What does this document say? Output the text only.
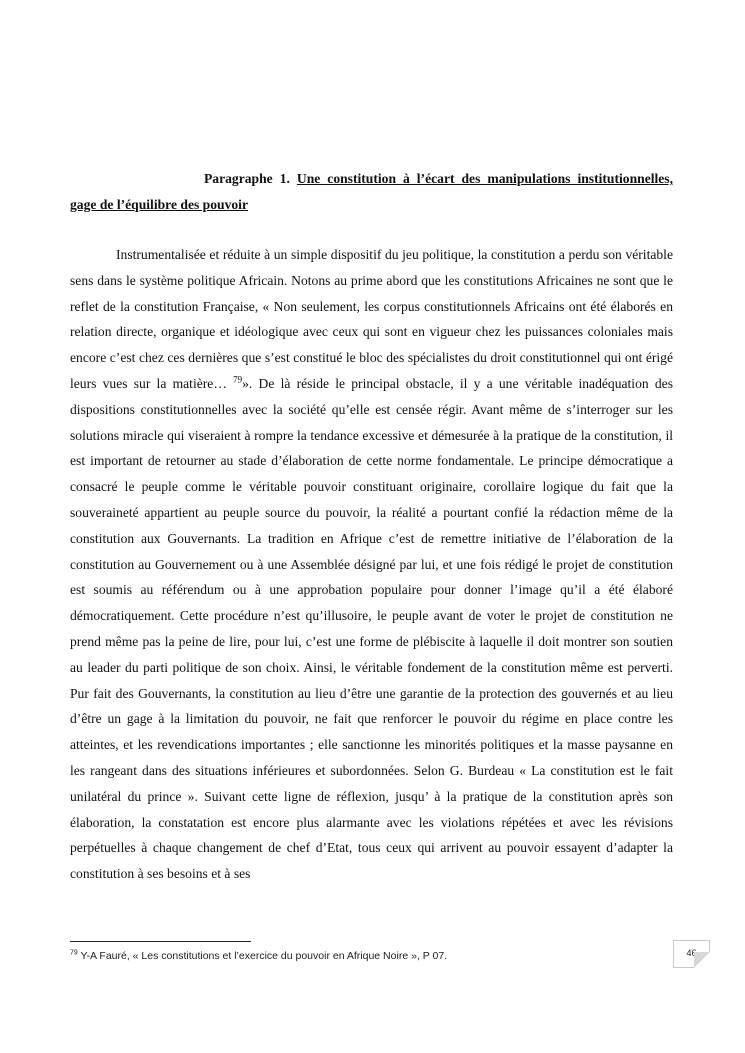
Paragraphe 1. Une constitution à l’écart des manipulations institutionnelles, gage de l’équilibre des pouvoir

Instrumentalisée et réduite à un simple dispositif du jeu politique, la constitution a perdu son véritable sens dans le système politique Africain. Notons au prime abord que les constitutions Africaines ne sont que le reflet de la constitution Française, « Non seulement, les corpus constitutionnels Africains ont été élaborés en relation directe, organique et idéologique avec ceux qui sont en vigueur chez les puissances coloniales mais encore c’est chez ces dernières que s’est constitué le bloc des spécialistes du droit constitutionnel qui ont érigé leurs vues sur la matière… $^{79}$». De là réside le principal obstacle, il y a une véritable inadéquation des dispositions constitutionnelles avec la société qu’elle est censée régir. Avant même de s’interroger sur les solutions miracle qui viseraient à rompre la tendance excessive et démesurée à la pratique de la constitution, il est important de retourner au stade d’élaboration de cette norme fondamentale. Le principe démocratique a consacré le peuple comme le véritable pouvoir constituant originaire, corollaire logique du fait que la souveraineté appartient au peuple source du pouvoir, la réalité a pourtant confié la rédaction même de la constitution aux Gouvernants. La tradition en Afrique c’est de remettre initiative de l’élaboration de la constitution au Gouvernement ou à une Assemblée désigné par lui, et une fois rédigé le projet de constitution est soumis au référendum ou à une approbation populaire pour donner l’image qu’il a été élaboré démocratiquement. Cette procédure n’est qu’illusoire, le peuple avant de voter le projet de constitution ne prend même pas la peine de lire, pour lui, c’est une forme de plébiscite à laquelle il doit montrer son soutien au leader du parti politique de son choix. Ainsi, le véritable fondement de la constitution même est perverti. Pur fait des Gouvernants, la constitution au lieu d’être une garantie de la protection des gouvernés et au lieu d’être un gage à la limitation du pouvoir, ne fait que renforcer le pouvoir du régime en place contre les atteintes, et les revendications importantes ; elle sanctionne les minorités politiques et la masse paysanne en les rangeant dans des situations inférieures et subordonnées. Selon G. Burdeau « La constitution est le fait unilatéral du prince ». Suivant cette ligne de réflexion, jusqu’ à la pratique de la constitution après son élaboration, la constatation est encore plus alarmante avec les violations répétées et avec les révisions perpétuelles à chaque changement de chef d’Etat, tous ceux qui arrivent au pouvoir essayent d’adapter la constitution à ses besoins et à ses

$^{79}$ Y-A Fauré, « Les constitutions et l’exercice du pouvoir en Afrique Noire », P 07.	46
